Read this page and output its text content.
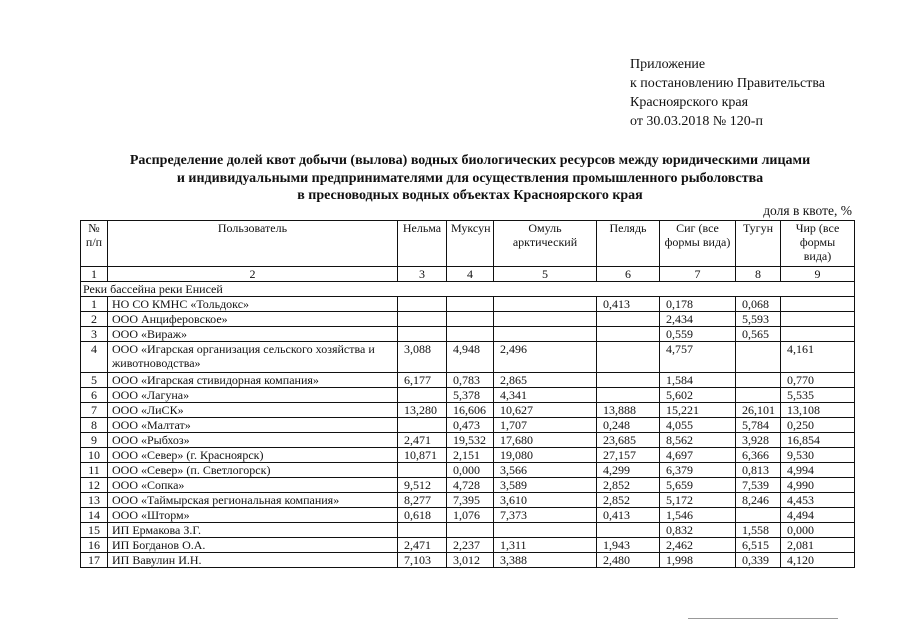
Приложение
к постановлению Правительства
Красноярского края
от 30.03.2018 № 120-п
Распределение долей квот добычи (вылова) водных биологических ресурсов между юридическими лицами
и индивидуальными предпринимателями для осуществления промышленного рыболовства
в пресноводных водных объектах Красноярского края
доля в квоте, %
№ п/п	Пользователь	Нельма	Муксун	Омуль арктический	Пелядь	Сиг (все формы вида)	Тугун	Чир (все формы вида)
1	2	3	4	5	6	7	8	9
Реки бассейна реки Енисей								
1	НО СО КМНС «Тольдокс»				0,413	0,178	0,068	
2	ООО Анциферовское»					2,434	5,593	
3	ООО «Вираж»					0,559	0,565	
4	ООО «Игарская организация сельского хозяйства и животноводства»	3,088	4,948	2,496		4,757		4,161
5	ООО «Игарская стивидорная компания»	6,177	0,783	2,865		1,584		0,770
6	ООО «Лагуна»		5,378	4,341		5,602		5,535
7	ООО «ЛиСК»	13,280	16,606	10,627	13,888	15,221	26,101	13,108
8	ООО «Малтат»		0,473	1,707	0,248	4,055	5,784	0,250
9	ООО «Рыбхоз»	2,471	19,532	17,680	23,685	8,562	3,928	16,854
10	ООО «Север» (г. Красноярск)	10,871	2,151	19,080	27,157	4,697	6,366	9,530
11	ООО «Север» (п. Светлогорск)		0,000	3,566	4,299	6,379	0,813	4,994
12	ООО «Сопка»	9,512	4,728	3,589	2,852	5,659	7,539	4,990
13	ООО «Таймырская региональная компания»	8,277	7,395	3,610	2,852	5,172	8,246	4,453
14	ООО «Шторм»	0,618	1,076	7,373	0,413	1,546		4,494
15	ИП Ермакова З.Г.					0,832	1,558	0,000
16	ИП Богданов О.А.	2,471	2,237	1,311	1,943	2,462	6,515	2,081
17	ИП Вавулин И.Н.	7,103	3,012	3,388	2,480	1,998	0,339	4,120
